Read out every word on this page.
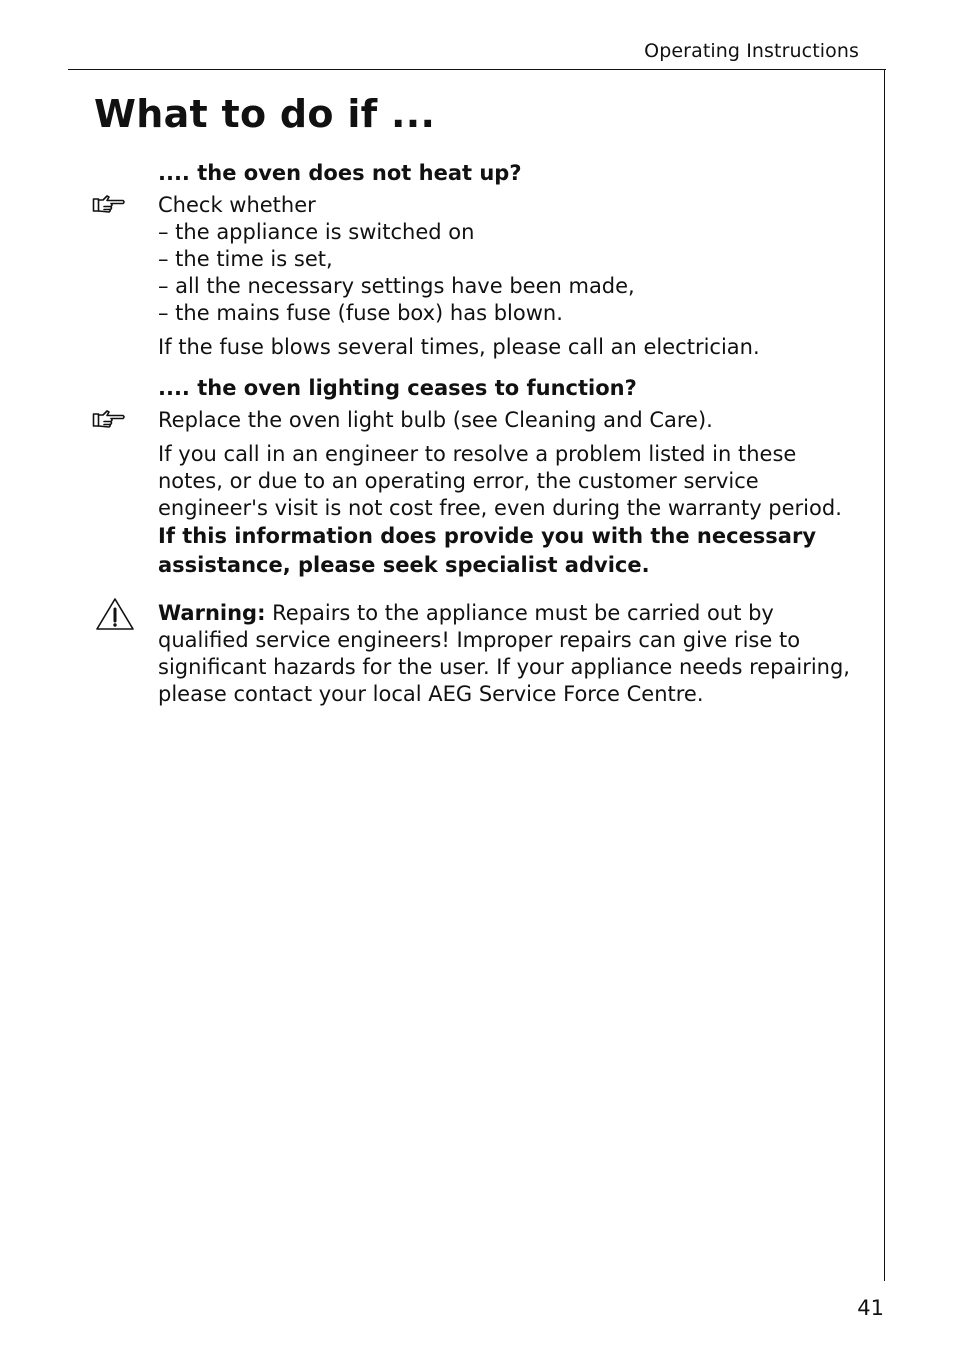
Operating Instructions
What to do if ...

.... the oven does not heat up?

Check whether

– the appliance is switched on

– the time is set,

– all the necessary settings have been made,

– the mains fuse (fuse box) has blown.

If the fuse blows several times, please call an electrician.

.... the oven lighting ceases to function?

Replace the oven light bulb (see Cleaning and Care).

If you call in an engineer to resolve a problem listed in these notes, or due to an operating error, the customer service engineer's visit is not cost free, even during the warranty period.

If this information does provide you with the necessary assistance, please seek specialist advice.

Warning: Repairs to the appliance must be carried out by qualified service engineers! Improper repairs can give rise to significant hazards for the user. If your appliance needs repairing, please contact your local AEG Service Force Centre.

41
